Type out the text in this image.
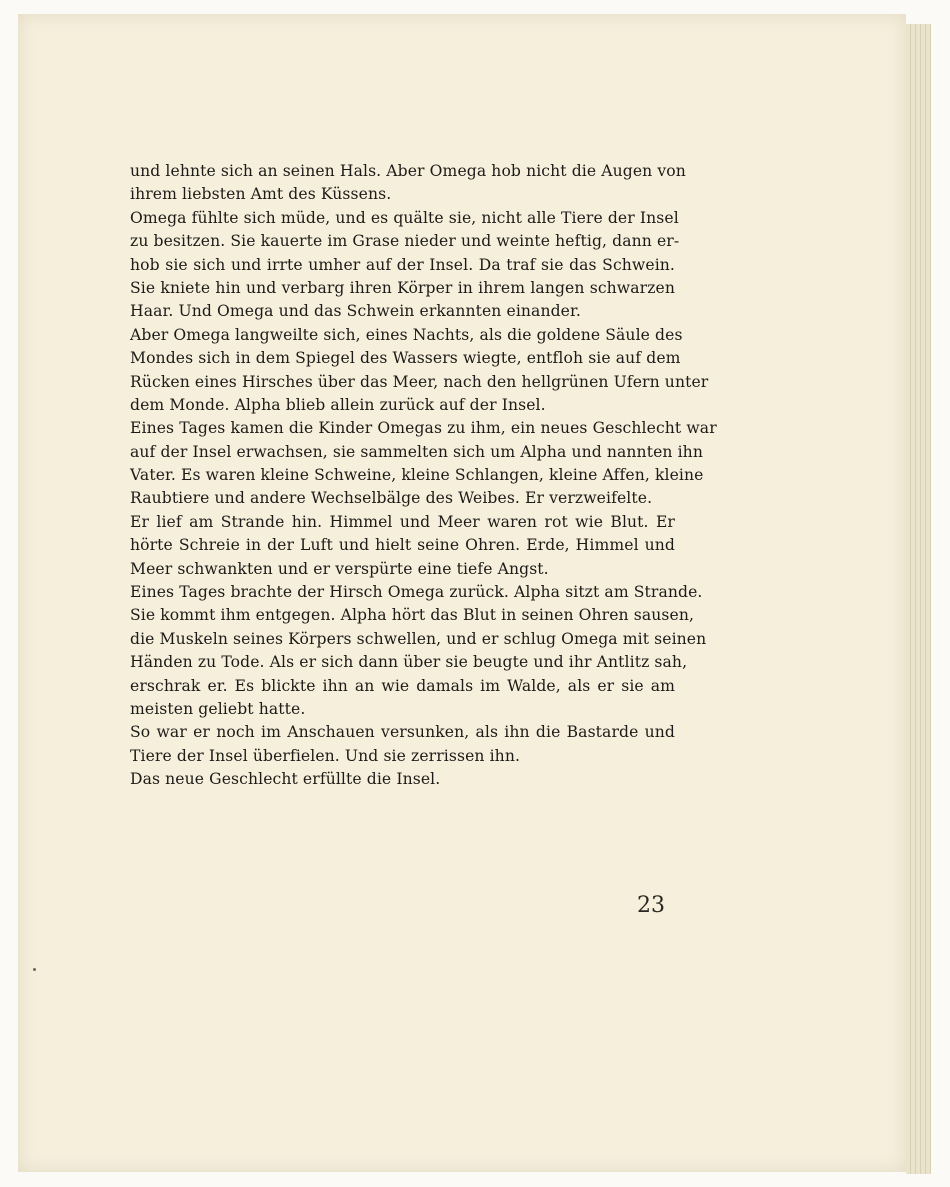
und lehnte sich an seinen Hals. Aber Omega hob nicht die Augen von
ihrem liebsten Amt des Küssens.
Omega fühlte sich müde, und es quälte sie, nicht alle Tiere der Insel
zu besitzen. Sie kauerte im Grase nieder und weinte heftig, dann er-
hob sie sich und irrte umher auf der Insel. Da traf sie das Schwein.
Sie kniete hin und verbarg ihren Körper in ihrem langen schwarzen
Haar. Und Omega und das Schwein erkannten einander.
Aber Omega langweilte sich, eines Nachts, als die goldene Säule des
Mondes sich in dem Spiegel des Wassers wiegte, entfloh sie auf dem
Rücken eines Hirsches über das Meer, nach den hellgrünen Ufern unter
dem Monde. Alpha blieb allein zurück auf der Insel.
Eines Tages kamen die Kinder Omegas zu ihm, ein neues Geschlecht war
auf der Insel erwachsen, sie sammelten sich um Alpha und nannten ihn
Vater. Es waren kleine Schweine, kleine Schlangen, kleine Affen, kleine
Raubtiere und andere Wechselbälge des Weibes. Er verzweifelte.
Er lief am Strande hin. Himmel und Meer waren rot wie Blut. Er
hörte Schreie in der Luft und hielt seine Ohren. Erde, Himmel und
Meer schwankten und er verspürte eine tiefe Angst.
Eines Tages brachte der Hirsch Omega zurück. Alpha sitzt am Strande.
Sie kommt ihm entgegen. Alpha hört das Blut in seinen Ohren sausen,
die Muskeln seines Körpers schwellen, und er schlug Omega mit seinen
Händen zu Tode. Als er sich dann über sie beugte und ihr Antlitz sah,
erschrak er. Es blickte ihn an wie damals im Walde, als er sie am
meisten geliebt hatte.
So war er noch im Anschauen versunken, als ihn die Bastarde und
Tiere der Insel überfielen. Und sie zerrissen ihn.
Das neue Geschlecht erfüllte die Insel.
23
